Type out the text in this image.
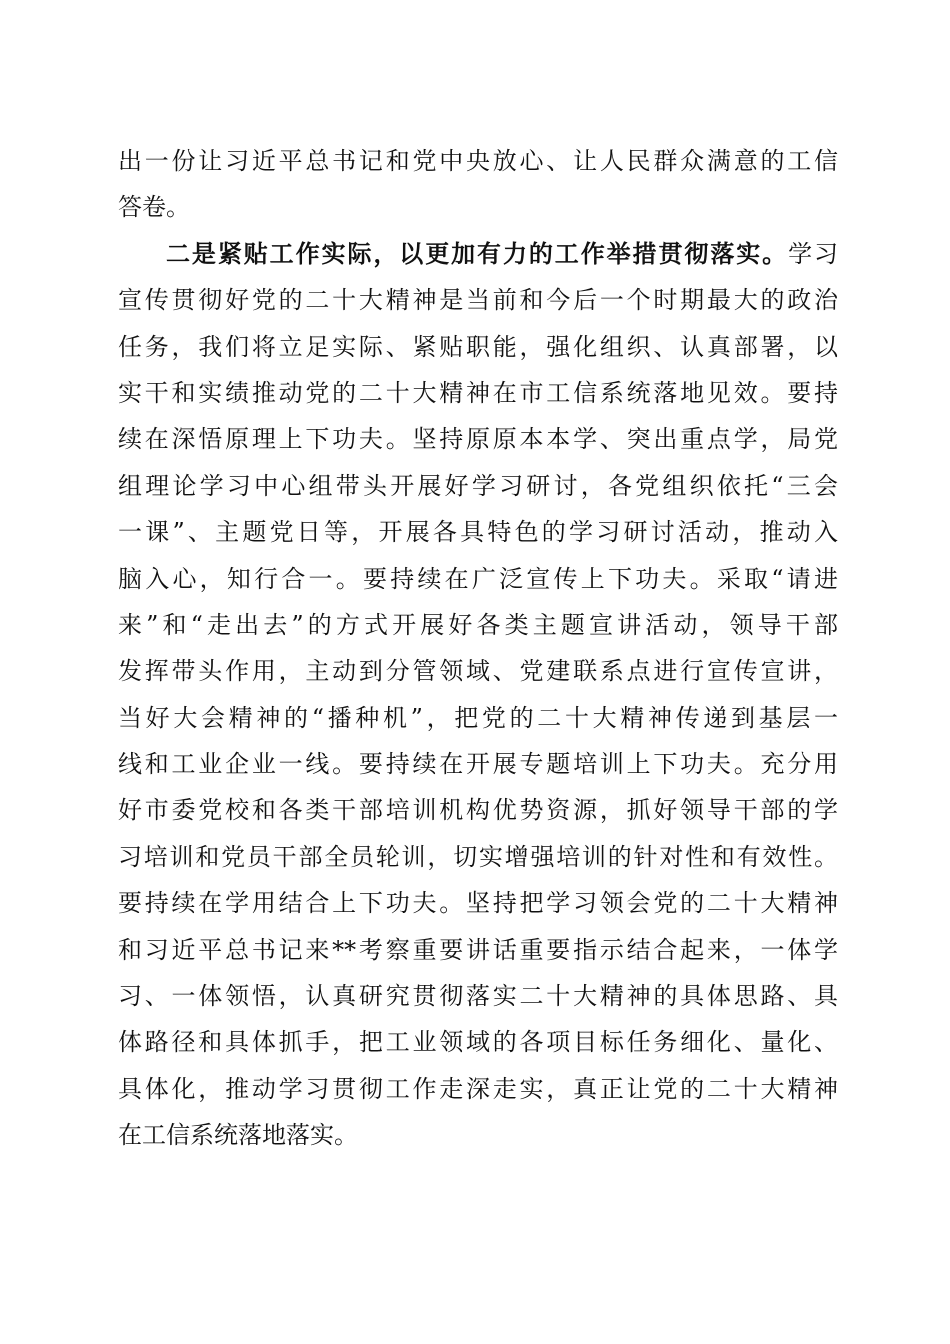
出一份让习近平总书记和党中央放心、让人民群众满意的工信
答卷。
二是紧贴工作实际，以更加有力的工作举措贯彻落实。学习
宣传贯彻好党的二十大精神是当前和今后一个时期最大的政治
任务，我们将立足实际、紧贴职能，强化组织、认真部署，以
实干和实绩推动党的二十大精神在市工信系统落地见效。要持
续在深悟原理上下功夫。坚持原原本本学、突出重点学，局党
组理论学习中心组带头开展好学习研讨，各党组织依托“三会
一课”、主题党日等，开展各具特色的学习研讨活动，推动入
脑入心，知行合一。要持续在广泛宣传上下功夫。采取“请进
来”和“走出去”的方式开展好各类主题宣讲活动，领导干部
发挥带头作用，主动到分管领域、党建联系点进行宣传宣讲，
当好大会精神的“播种机”，把党的二十大精神传递到基层一
线和工业企业一线。要持续在开展专题培训上下功夫。充分用
好市委党校和各类干部培训机构优势资源，抓好领导干部的学
习培训和党员干部全员轮训，切实增强培训的针对性和有效性。
要持续在学用结合上下功夫。坚持把学习领会党的二十大精神
和习近平总书记来**考察重要讲话重要指示结合起来，一体学
习、一体领悟，认真研究贯彻落实二十大精神的具体思路、具
体路径和具体抓手，把工业领域的各项目标任务细化、量化、
具体化，推动学习贯彻工作走深走实，真正让党的二十大精神
在工信系统落地落实。
